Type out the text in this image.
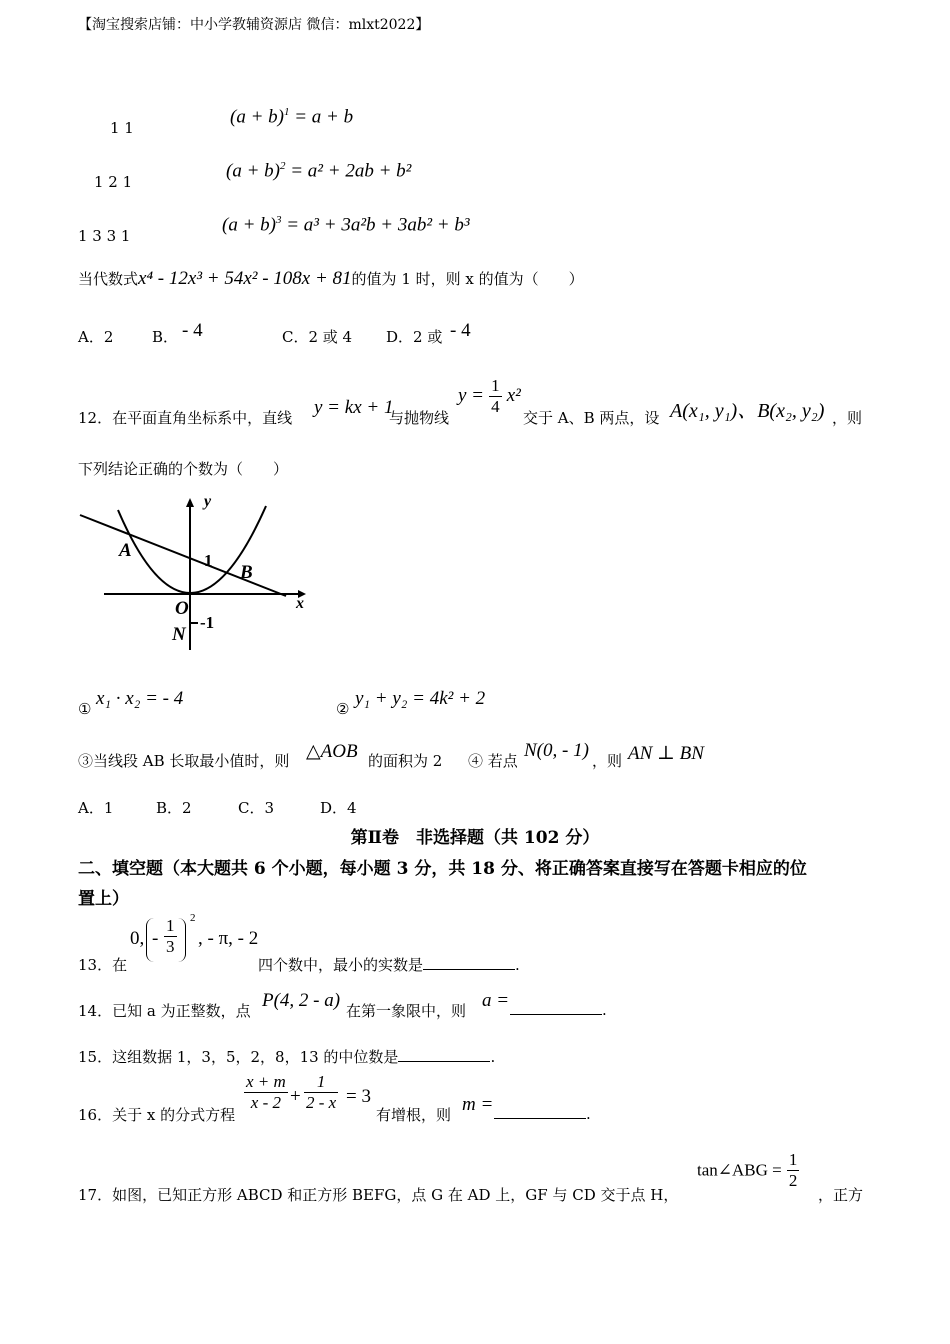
【淘宝搜索店铺：中小学教辅资源店 微信：mlxt2022】
1 1
1 2 1
1 3 3 1
$(a + b)^1 = a + b$
$(a + b)^2 = a^2 + 2ab + b^2$
$(a + b)^3 = a^3 + 3a^2b + 3ab^2 + b^3$
当代数式x⁴ - 12x³ + 54x² - 108x + 81的值为 1 时，则 x 的值为（　　）
A．2	B． - 4	C．2 或 4 D．2 或 - 4
12．在平面直角坐标系中，直线 y = kx + 1
与抛物线
$y = \frac{1}{4} x^2$
交于 A、B 两点，设 A(x₁, y₁)、B(x₂, y₂) ，则
下列结论正确的个数为（　　）
y
x
A
B
O
N
1
-1
① x₁ · x₂ = - 4	② y₁ + y₂ = 4k² + 2
③当线段 AB 长取最小值时，则 △AOB 的面积为 2 ④ 若点 N(0, - 1) ，则 AN ⊥ BN
A．1	B．2	C．3	D．4
第Ⅱ卷　非选择题（共 102 分）
二、填空题（本大题共 6 个小题，每小题 3 分，共 18 分、将正确答案直接写在答题卡相应的位
置上）
13．在
0, - $\frac{1}{3} 2$
, - π, - 2
四个数中，最小的实数是	.
14．已知 a 为正整数，点 P(4, 2 - a) 在第一象限中，则 a =	.
15．这组数据 1，3，5，2，8，13 的中位数是	.
16．关于 x 的分式方程
$\frac{x + m}{x - 2} + \frac{1}{2 - x} = 3$
有增根，则 m =	.
17．如图，已知正方形 ABCD 和正方形 BEFG，点 G 在 AD 上，GF 与 CD 交于点 H，
tan∠ABG = $\frac{1}{2}$
，正方
